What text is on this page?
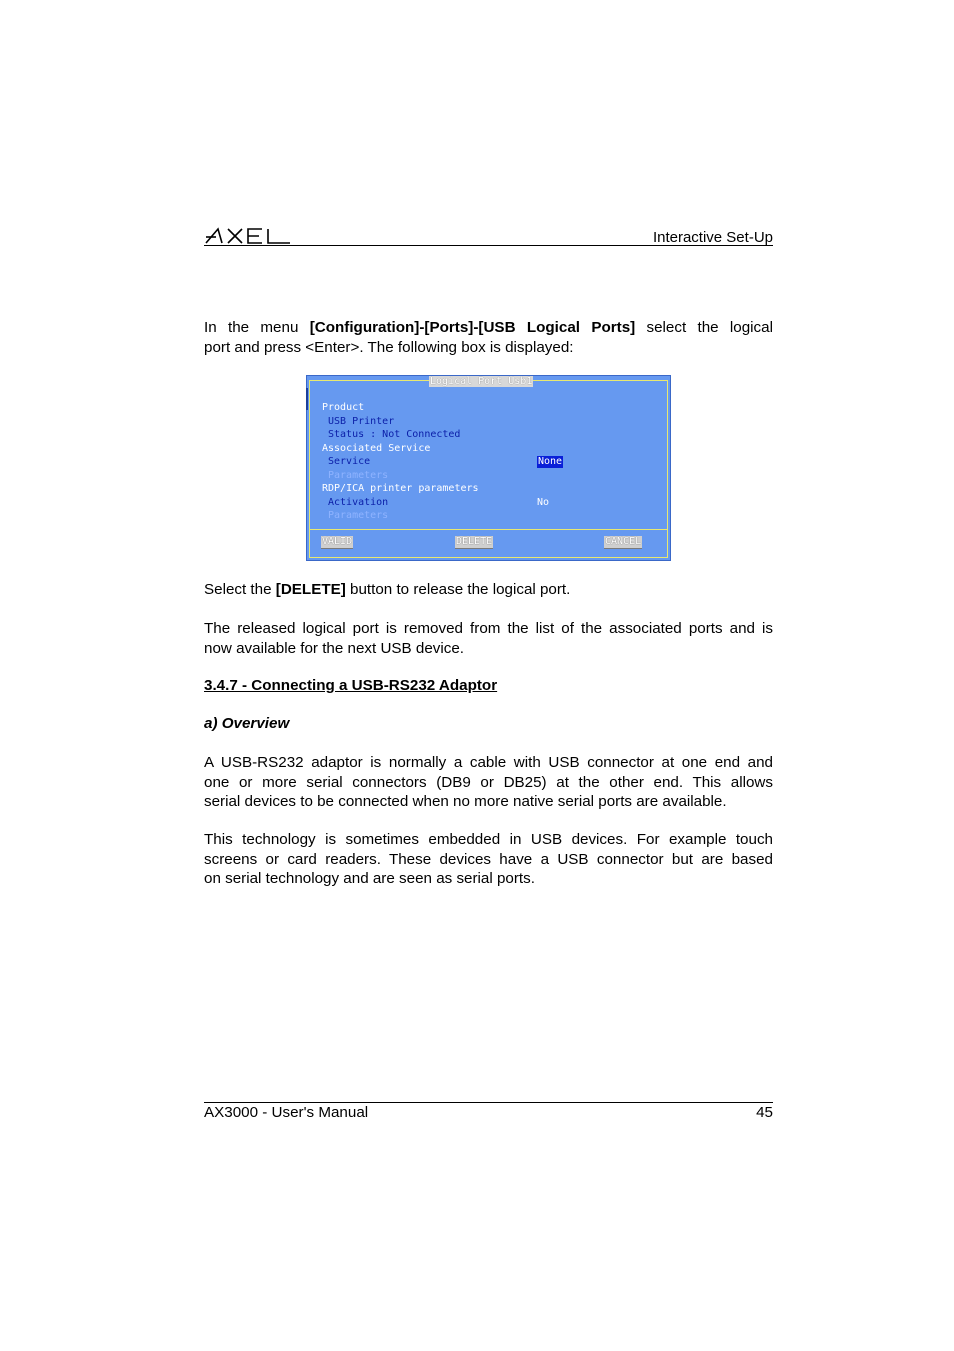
Interactive Set-Up
In the menu [Configuration]-[Ports]-[USB Logical Ports] select the logical
port and press <Enter>. The following box is displayed:
Logical Port Usb1
Product
USB Printer
Status : Not Connected
Associated Service
Service	None
Parameters
RDP/ICA printer parameters
Activation	No
Parameters
VALID	DELETE	CANCEL
Select the [DELETE] button to release the logical port.
The released logical port is removed from the list of the associated ports and is
now available for the next USB device.
3.4.7 - Connecting a USB-RS232 Adaptor
a) Overview
A USB-RS232 adaptor is normally a cable with USB connector at one end and
one or more serial connectors (DB9 or DB25) at the other end. This allows
serial devices to be connected when no more native serial ports are available.
This technology is sometimes embedded in USB devices. For example touch
screens or card readers. These devices have a USB connector but are based
on serial technology and are seen as serial ports.
AX3000 - User's Manual	45
